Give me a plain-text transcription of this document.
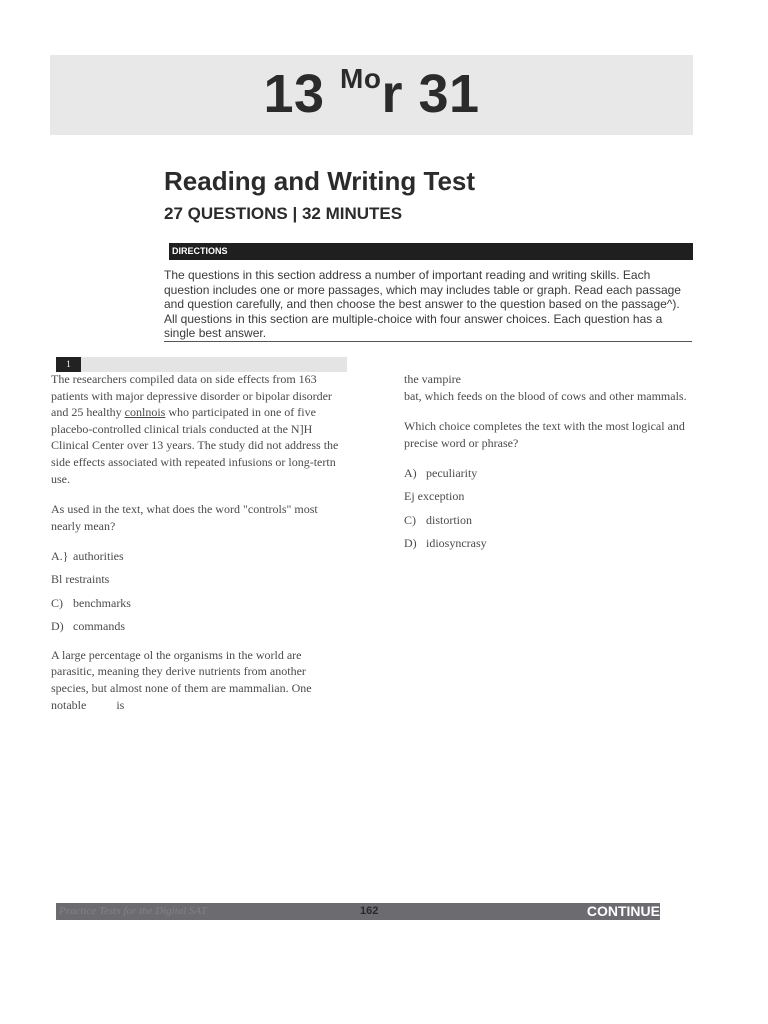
13 $^{Mo}$r 31
Reading and Writing Test
27 QUESTIONS | 32 MINUTES
DIRECTIONS
The questions in this section address a number of important reading and writing skills. Each question includes one or more passages, which may includes table or graph. Read each passage and question carefully, and then choose the best answer to the question based on the passage^). All questions in this section are multiple-choice with four answer choices. Each question has a single best answer.
1

The researchers compiled data on side effects from 163 patients with major depressive disorder or bipolar disorder and 25 healthy conlnois who participated in one of five placebo-controlled clinical trials conducted at the N]H Clinical Center over 13 years. The study did not address the side effects associated with repeated infusions or long-tertn use.

As used in the text, what does the word "controls" most nearly mean?

A.} authorities
Bl restraints
C) benchmarks
D) commands

A large percentage ol the organisms in the world are parasitic, meaning they derive nutrients from another species, but almost none of them are mammalian. One notable          is

the vampire

bat, which feeds on the blood of cows and other mammals.

Which choice completes the text with the most logical and precise word or phrase?

A) peculiarity
Ej exception
C) distortion
D) idiosyncrasy
Practice Tests for the Digital SAT	162	CONTINUE
